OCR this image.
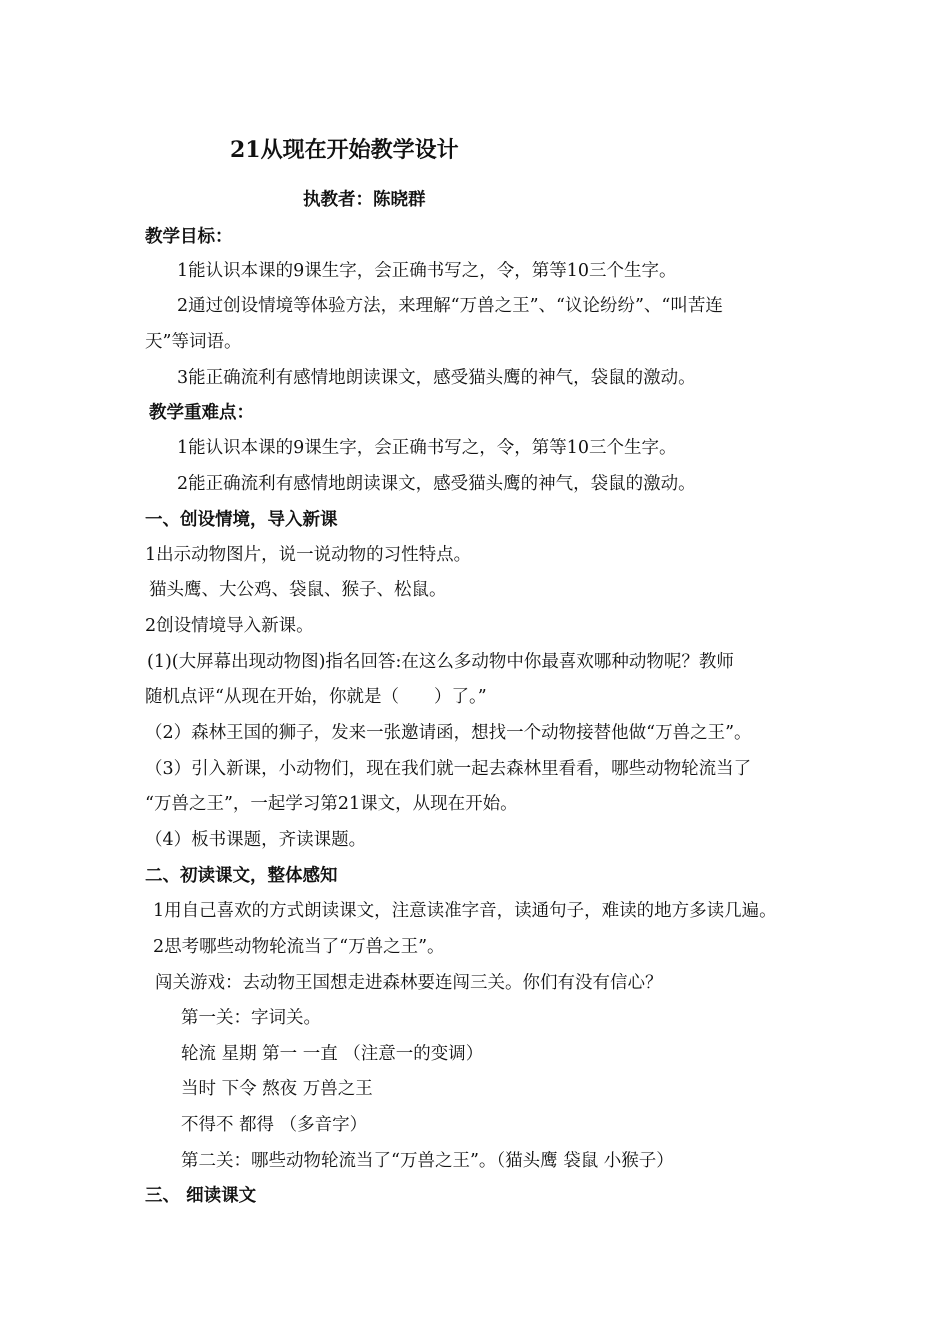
21从现在开始教学设计

执教者：陈晓群

教学目标：

1能认识本课的9课生字，会正确书写之，令，第等10三个生字。

2通过创设情境等体验方法，来理解“万兽之王”、“议论纷纷”、“叫苦连

天”等词语。

3能正确流利有感情地朗读课文，感受猫头鹰的神气，袋鼠的激动。

教学重难点：

1能认识本课的9课生字，会正确书写之，令，第等10三个生字。

2能正确流利有感情地朗读课文，感受猫头鹰的神气，袋鼠的激动。

一、创设情境，导入新课

1出示动物图片，说一说动物的习性特点。

猫头鹰、大公鸡、袋鼠、猴子、松鼠。

2创设情境导入新课。

(1)(大屏幕出现动物图)指名回答:在这么多动物中你最喜欢哪种动物呢？教师

随机点评“从现在开始，你就是（　　）了。”

（2）森林王国的狮子，发来一张邀请函，想找一个动物接替他做“万兽之王”。

（3）引入新课，小动物们，现在我们就一起去森林里看看，哪些动物轮流当了

“万兽之王”，一起学习第21课文，从现在开始。

（4）板书课题，齐读课题。

二、初读课文，整体感知

1用自己喜欢的方式朗读课文，注意读准字音，读通句子，难读的地方多读几遍。

2思考哪些动物轮流当了“万兽之王”。

闯关游戏：去动物王国想走进森林要连闯三关。你们有没有信心？

第一关：字词关。

轮流 星期 第一 一直 （注意一的变调）

当时 下令 熬夜 万兽之王

不得不 都得 （多音字）

第二关：哪些动物轮流当了“万兽之王”。（猫头鹰 袋鼠 小猴子）

三、 细读课文
